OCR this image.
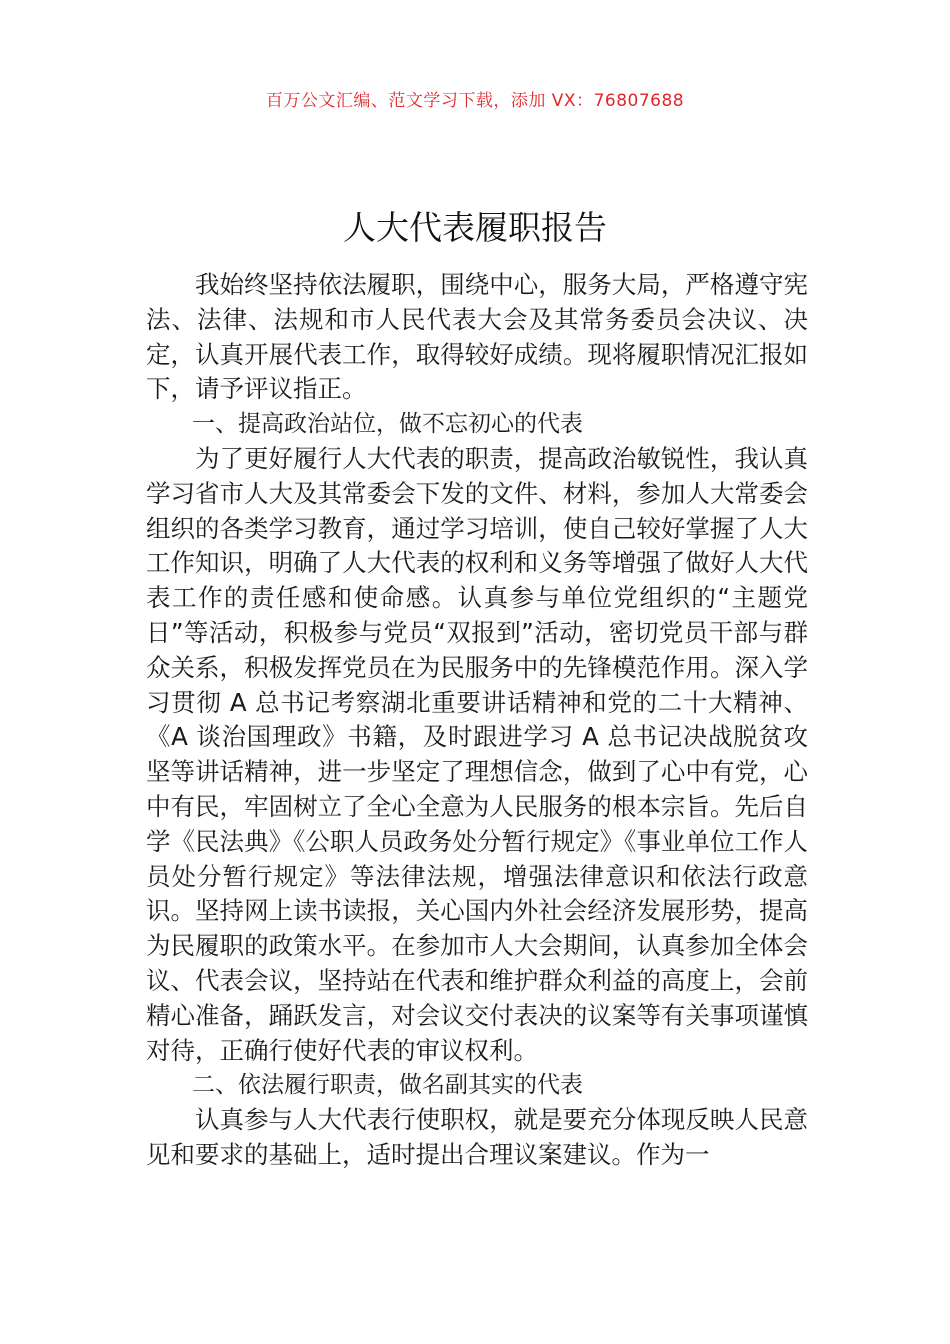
百万公文汇编、范文学习下载，添加 VX：76807688
人大代表履职报告

我始终坚持依法履职，围绕中心，服务大局，严格遵守宪法、法律、法规和市人民代表大会及其常务委员会决议、决定，认真开展代表工作，取得较好成绩。现将履职情况汇报如下，请予评议指正。

一、提高政治站位，做不忘初心的代表

为了更好履行人大代表的职责，提高政治敏锐性，我认真学习省市人大及其常委会下发的文件、材料，参加人大常委会组织的各类学习教育，通过学习培训，使自己较好掌握了人大工作知识，明确了人大代表的权利和义务等增强了做好人大代表工作的责任感和使命感。认真参与单位党组织的“主题党日”等活动，积极参与党员“双报到”活动，密切党员干部与群众关系，积极发挥党员在为民服务中的先锋模范作用。深入学习贯彻 A 总书记考察湖北重要讲话精神和党的二十大精神、《A 谈治国理政》书籍，及时跟进学习 A 总书记决战脱贫攻坚等讲话精神，进一步坚定了理想信念，做到了心中有党，心中有民，牢固树立了全心全意为人民服务的根本宗旨。先后自学《民法典》《公职人员政务处分暂行规定》《事业单位工作人员处分暂行规定》等法律法规，增强法律意识和依法行政意识。坚持网上读书读报，关心国内外社会经济发展形势，提高为民履职的政策水平。在参加市人大会期间，认真参加全体会议、代表会议，坚持站在代表和维护群众利益的高度上，会前精心准备，踊跃发言，对会议交付表决的议案等有关事项谨慎对待，正确行使好代表的审议权利。

二、依法履行职责，做名副其实的代表

认真参与人大代表行使职权，就是要充分体现反映人民意见和要求的基础上，适时提出合理议案建议。作为一
